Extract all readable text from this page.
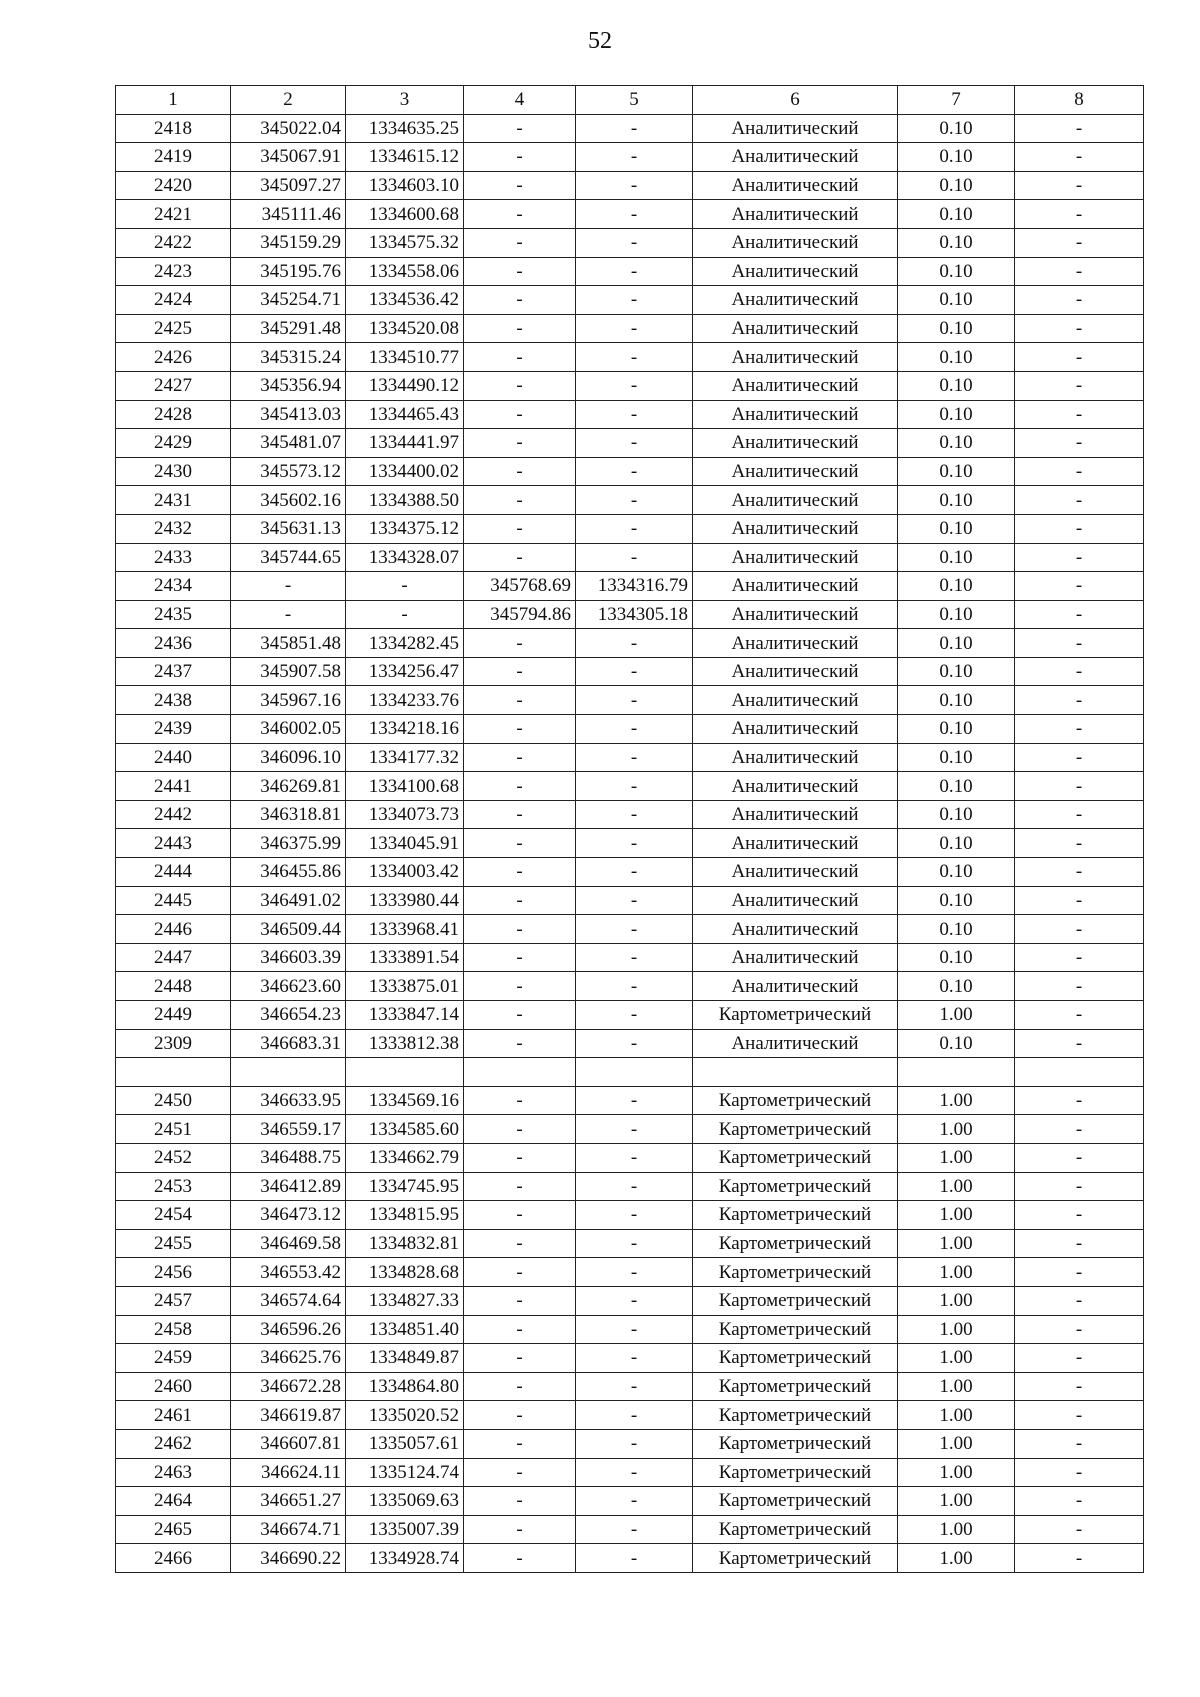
52
1	2	3	4	5	6	7	8
2418	345022.04	1334635.25	-	-	Аналитический	0.10	-
2419	345067.91	1334615.12	-	-	Аналитический	0.10	-
2420	345097.27	1334603.10	-	-	Аналитический	0.10	-
2421	345111.46	1334600.68	-	-	Аналитический	0.10	-
2422	345159.29	1334575.32	-	-	Аналитический	0.10	-
2423	345195.76	1334558.06	-	-	Аналитический	0.10	-
2424	345254.71	1334536.42	-	-	Аналитический	0.10	-
2425	345291.48	1334520.08	-	-	Аналитический	0.10	-
2426	345315.24	1334510.77	-	-	Аналитический	0.10	-
2427	345356.94	1334490.12	-	-	Аналитический	0.10	-
2428	345413.03	1334465.43	-	-	Аналитический	0.10	-
2429	345481.07	1334441.97	-	-	Аналитический	0.10	-
2430	345573.12	1334400.02	-	-	Аналитический	0.10	-
2431	345602.16	1334388.50	-	-	Аналитический	0.10	-
2432	345631.13	1334375.12	-	-	Аналитический	0.10	-
2433	345744.65	1334328.07	-	-	Аналитический	0.10	-
2434	-	-	345768.69	1334316.79	Аналитический	0.10	-
2435	-	-	345794.86	1334305.18	Аналитический	0.10	-
2436	345851.48	1334282.45	-	-	Аналитический	0.10	-
2437	345907.58	1334256.47	-	-	Аналитический	0.10	-
2438	345967.16	1334233.76	-	-	Аналитический	0.10	-
2439	346002.05	1334218.16	-	-	Аналитический	0.10	-
2440	346096.10	1334177.32	-	-	Аналитический	0.10	-
2441	346269.81	1334100.68	-	-	Аналитический	0.10	-
2442	346318.81	1334073.73	-	-	Аналитический	0.10	-
2443	346375.99	1334045.91	-	-	Аналитический	0.10	-
2444	346455.86	1334003.42	-	-	Аналитический	0.10	-
2445	346491.02	1333980.44	-	-	Аналитический	0.10	-
2446	346509.44	1333968.41	-	-	Аналитический	0.10	-
2447	346603.39	1333891.54	-	-	Аналитический	0.10	-
2448	346623.60	1333875.01	-	-	Аналитический	0.10	-
2449	346654.23	1333847.14	-	-	Картометрический	1.00	-
2309	346683.31	1333812.38	-	-	Аналитический	0.10	-

2450	346633.95	1334569.16	-	-	Картометрический	1.00	-
2451	346559.17	1334585.60	-	-	Картометрический	1.00	-
2452	346488.75	1334662.79	-	-	Картометрический	1.00	-
2453	346412.89	1334745.95	-	-	Картометрический	1.00	-
2454	346473.12	1334815.95	-	-	Картометрический	1.00	-
2455	346469.58	1334832.81	-	-	Картометрический	1.00	-
2456	346553.42	1334828.68	-	-	Картометрический	1.00	-
2457	346574.64	1334827.33	-	-	Картометрический	1.00	-
2458	346596.26	1334851.40	-	-	Картометрический	1.00	-
2459	346625.76	1334849.87	-	-	Картометрический	1.00	-
2460	346672.28	1334864.80	-	-	Картометрический	1.00	-
2461	346619.87	1335020.52	-	-	Картометрический	1.00	-
2462	346607.81	1335057.61	-	-	Картометрический	1.00	-
2463	346624.11	1335124.74	-	-	Картометрический	1.00	-
2464	346651.27	1335069.63	-	-	Картометрический	1.00	-
2465	346674.71	1335007.39	-	-	Картометрический	1.00	-
2466	346690.22	1334928.74	-	-	Картометрический	1.00	-
